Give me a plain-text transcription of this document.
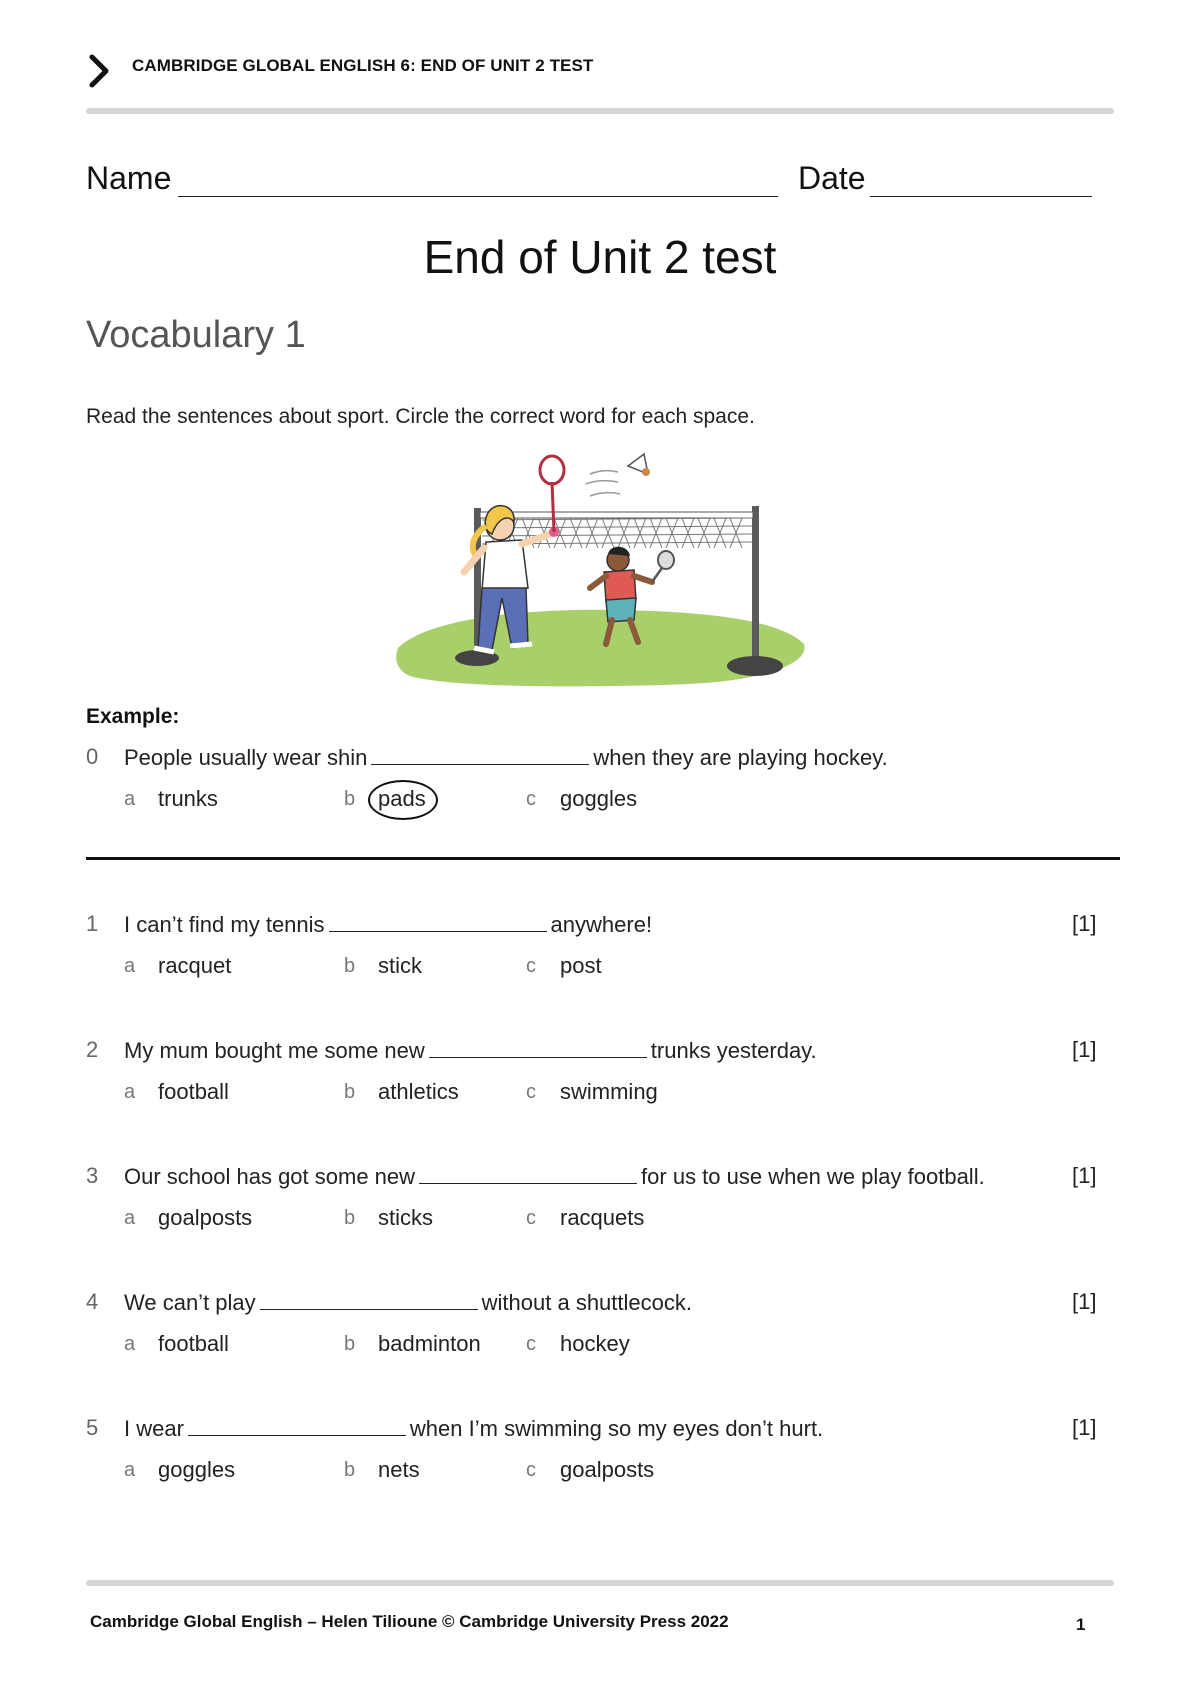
CAMBRIDGE GLOBAL ENGLISH 6: END OF UNIT 2 TEST
Name	Date
End of Unit 2 test
Vocabulary 1
Read the sentences about sport. Circle the correct word for each space.
Example:
0 People usually wear shin	when they are playing hockey.
a trunks	b pads	c goggles
1 I can’t find my tennis	anywhere!	[1]
a racquet	b stick	c post
2 My mum bought me some new	trunks yesterday.	[1]
a football	b athletics	c swimming
3 Our school has got some new	for us to use when we play football.	[1]
a goalposts	b sticks	c racquets
4 We can’t play	without a shuttlecock.	[1]
a football	b badminton c hockey
5 I wear	when I’m swimming so my eyes don’t hurt.	[1]
a goggles	b nets	c goalposts
Cambridge Global English – Helen Tilioune © Cambridge University Press 2022	1
